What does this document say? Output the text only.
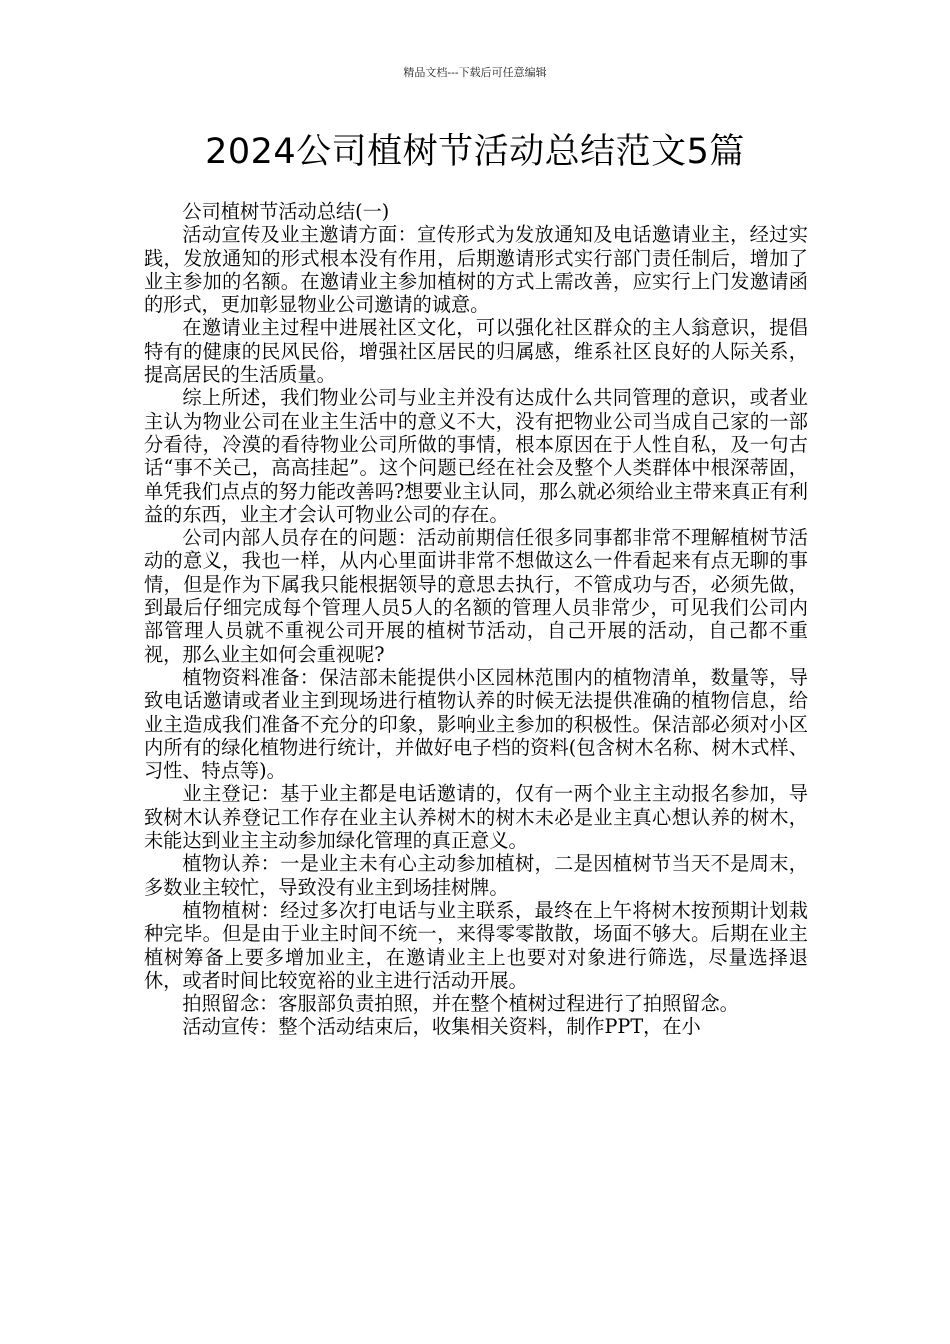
精品文档---下载后可任意编辑
2024公司植树节活动总结范文5篇

公司植树节活动总结(一)

活动宣传及业主邀请方面：宣传形式为发放通知及电话邀请业主，经过实践，发放通知的形式根本没有作用，后期邀请形式实行部门责任制后，增加了业主参加的名额。在邀请业主参加植树的方式上需改善，应实行上门发邀请函的形式，更加彰显物业公司邀请的诚意。

在邀请业主过程中进展社区文化，可以强化社区群众的主人翁意识，提倡特有的健康的民风民俗，增强社区居民的归属感，维系社区良好的人际关系，提高居民的生活质量。

综上所述，我们物业公司与业主并没有达成什么共同管理的意识，或者业主认为物业公司在业主生活中的意义不大，没有把物业公司当成自己家的一部分看待，冷漠的看待物业公司所做的事情，根本原因在于人性自私，及一句古话“事不关己，高高挂起”。这个问题已经在社会及整个人类群体中根深蒂固，单凭我们点点的努力能改善吗?想要业主认同，那么就必须给业主带来真正有利益的东西，业主才会认可物业公司的存在。

公司内部人员存在的问题：活动前期信任很多同事都非常不理解植树节活动的意义，我也一样，从内心里面讲非常不想做这么一件看起来有点无聊的事情，但是作为下属我只能根据领导的意思去执行，不管成功与否，必须先做，到最后仔细完成每个管理人员5人的名额的管理人员非常少，可见我们公司内部管理人员就不重视公司开展的植树节活动，自己开展的活动，自己都不重视，那么业主如何会重视呢?

植物资料准备：保洁部未能提供小区园林范围内的植物清单，数量等，导致电话邀请或者业主到现场进行植物认养的时候无法提供准确的植物信息，给业主造成我们准备不充分的印象，影响业主参加的积极性。保洁部必须对小区内所有的绿化植物进行统计，并做好电子档的资料(包含树木名称、树木式样、习性、特点等)。

业主登记：基于业主都是电话邀请的，仅有一两个业主主动报名参加，导致树木认养登记工作存在业主认养树木的树木未必是业主真心想认养的树木，未能达到业主主动参加绿化管理的真正意义。

植物认养：一是业主未有心主动参加植树，二是因植树节当天不是周末，多数业主较忙，导致没有业主到场挂树牌。

植物植树：经过多次打电话与业主联系，最终在上午将树木按预期计划栽种完毕。但是由于业主时间不统一，来得零零散散，场面不够大。后期在业主植树筹备上要多增加业主，在邀请业主上也要对对象进行筛选，尽量选择退休，或者时间比较宽裕的业主进行活动开展。

拍照留念：客服部负责拍照，并在整个植树过程进行了拍照留念。

活动宣传：整个活动结束后，收集相关资料，制作PPT，在小
